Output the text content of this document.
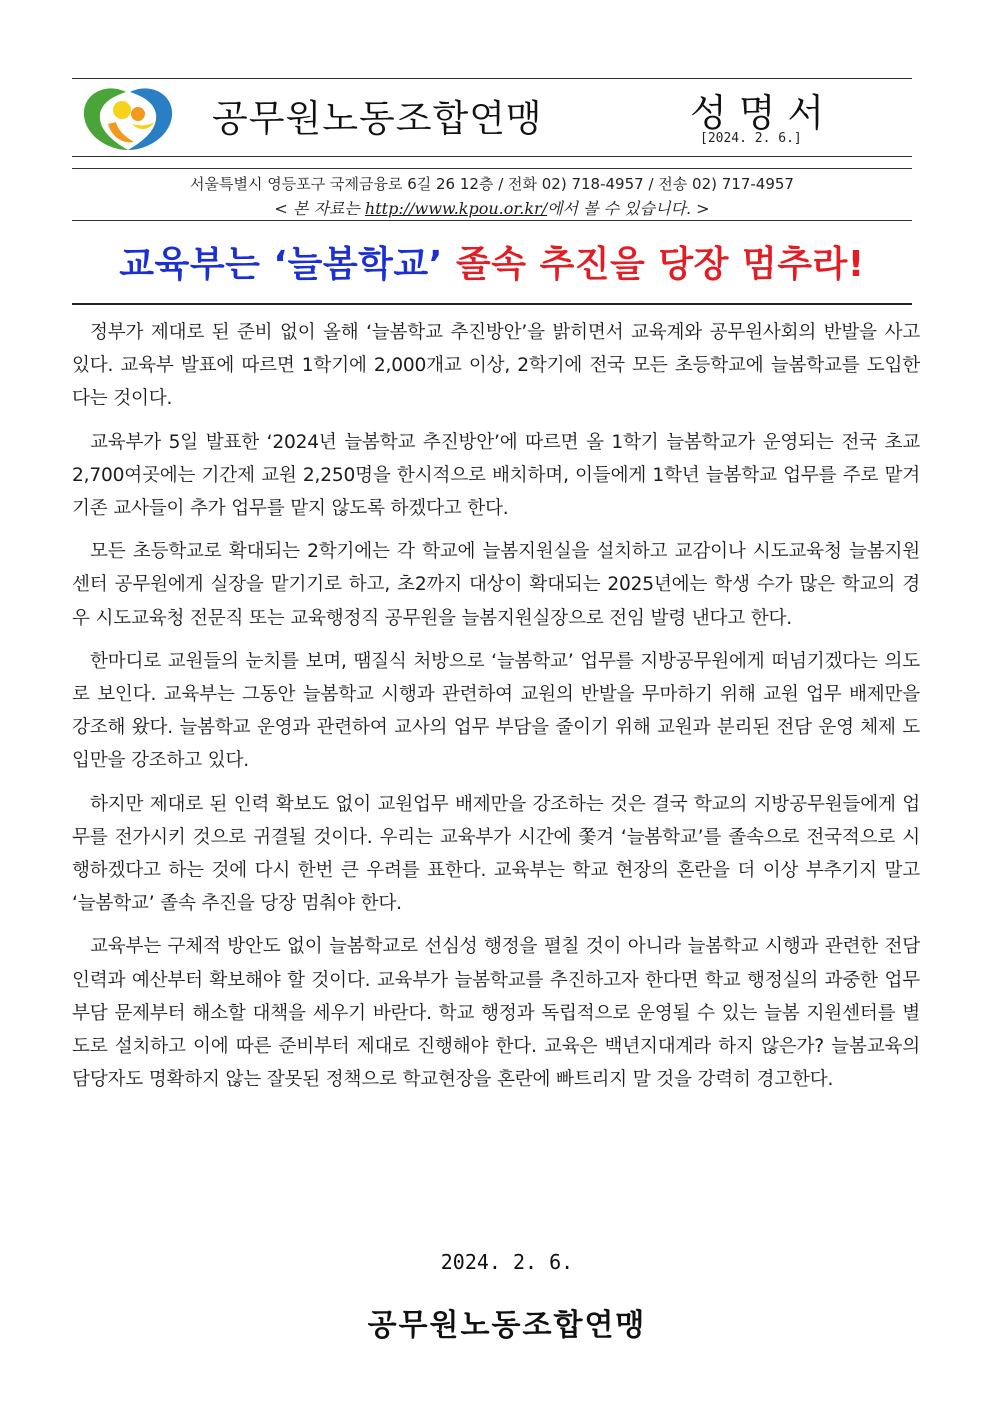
공무원노동조합연맹	성명서
[2024. 2. 6.]
서울특별시 영등포구 국제금융로 6길 26 12층 / 전화 02) 718-4957 / 전송 02) 717-4957
< 본 자료는 http://www.kpou.or.kr/에서 볼 수 있습니다. >
교육부는 ‘늘봄학교’ 졸속 추진을 당장 멈추라!

정부가 제대로 된 준비 없이 올해 ‘늘봄학교 추진방안’을 밝히면서 교육계와 공무원사회의 반발을 사고 있다. 교육부 발표에 따르면 1학기에 2,000개교 이상, 2학기에 전국 모든 초등학교에 늘봄학교를 도입한다는 것이다.

교육부가 5일 발표한 ‘2024년 늘봄학교 추진방안’에 따르면 올 1학기 늘봄학교가 운영되는 전국 초교 2,700여곳에는 기간제 교원 2,250명을 한시적으로 배치하며, 이들에게 1학년 늘봄학교 업무를 주로 맡겨 기존 교사들이 추가 업무를 맡지 않도록 하겠다고 한다.

모든 초등학교로 확대되는 2학기에는 각 학교에 늘봄지원실을 설치하고 교감이나 시도교육청 늘봄지원센터 공무원에게 실장을 맡기기로 하고, 초2까지 대상이 확대되는 2025년에는 학생 수가 많은 학교의 경우 시도교육청 전문직 또는 교육행정직 공무원을 늘봄지원실장으로 전임 발령 낸다고 한다.

한마디로 교원들의 눈치를 보며, 땜질식 처방으로 ‘늘봄학교’ 업무를 지방공무원에게 떠넘기겠다는 의도로 보인다. 교육부는 그동안 늘봄학교 시행과 관련하여 교원의 반발을 무마하기 위해 교원 업무 배제만을 강조해 왔다. 늘봄학교 운영과 관련하여 교사의 업무 부담을 줄이기 위해 교원과 분리된 전담 운영 체제 도입만을 강조하고 있다.

하지만 제대로 된 인력 확보도 없이 교원업무 배제만을 강조하는 것은 결국 학교의 지방공무원들에게 업무를 전가시키 것으로 귀결될 것이다. 우리는 교육부가 시간에 쫓겨 ‘늘봄학교’를 졸속으로 전국적으로 시행하겠다고 하는 것에 다시 한번 큰 우려를 표한다. 교육부는 학교 현장의 혼란을 더 이상 부추기지 말고 ‘늘봄학교’ 졸속 추진을 당장 멈춰야 한다.

교육부는 구체적 방안도 없이 늘봄학교로 선심성 행정을 펼칠 것이 아니라 늘봄학교 시행과 관련한 전담 인력과 예산부터 확보해야 할 것이다. 교육부가 늘봄학교를 추진하고자 한다면 학교 행정실의 과중한 업무부담 문제부터 해소할 대책을 세우기 바란다. 학교 행정과 독립적으로 운영될 수 있는 늘봄 지원센터를 별도로 설치하고 이에 따른 준비부터 제대로 진행해야 한다. 교육은 백년지대계라 하지 않은가? 늘봄교육의 담당자도 명확하지 않는 잘못된 정책으로 학교현장을 혼란에 빠트리지 말 것을 강력히 경고한다.

2024. 2. 6.
공무원노동조합연맹
